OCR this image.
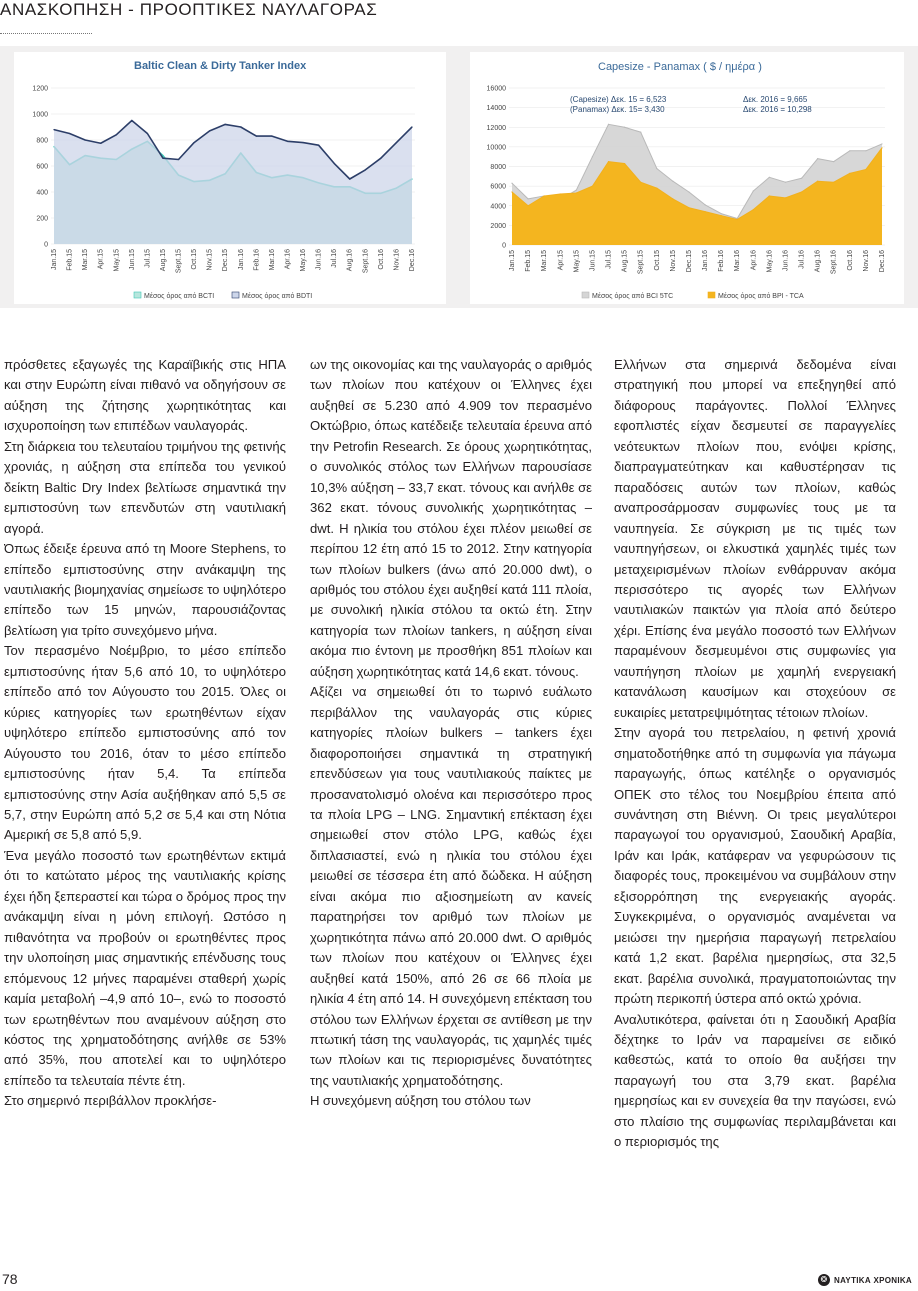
ΑΝΑΣΚΟΠΗΣΗ - ΠΡΟΟΠΤΙΚΕΣ ΝΑΥΛΑΓΟΡΑΣ
Baltic Clean & Dirty Tanker Index
0
200
400
600
800
1000
1200
Jan.15 Feb.15 Mar.15 Apr.15 May.15 Jun.15 Jul.15 Aug.15 Sept.15 Oct.15 Nov.15 Dec.15 Jan.16 Feb.16 Mar.16 Apr.16 May.16 Jun.16 Jul.16 Aug.16 Sept.16 Oct.16 Nov.16 Dec.16
Μέσος όρος από BCTI	Μέσος όρος από BDTI
Capesize - Panamax ( $ / ημέρα )
0
2000
4000
6000
8000
10000
12000
14000
16000
Jan.15 Feb.15 Mar.15 Apr.15 May.15 Jun.15 Jul.15 Aug.15 Sept.15 Oct.15 Nov.15 Dec.15 Jan.16 Feb.16 Mar.16 Apr.16 May.16 Jun.16 Jul.16 Aug.16 Sept.16 Oct.16 Nov.16 Dec.16
Μέσος όρος από BCI 5TC	Μέσος όρος από BPI - TCA
(Capesize) Δεκ. 15 = 6,523
(Panamax) Δεκ. 15= 3,430
Δεκ. 2016 = 9,665
Δεκ. 2016 = 10,298

πρόσθετες εξαγωγές της Καραϊβικής στις ΗΠΑ και στην Ευρώπη είναι πιθανό να οδηγήσουν σε αύξηση της ζήτησης χωρητικότητας και ισχυροποίηση των επιπέδων ναυλαγοράς.

Στη διάρκεια του τελευταίου τριμήνου της φετινής χρονιάς, η αύξηση στα επίπεδα του γενικού δείκτη Baltic Dry Index βελτίωσε σημαντικά την εμπιστοσύνη των επενδυτών στη ναυτιλιακή αγορά.

Όπως έδειξε έρευνα από τη Moore Stephens, το επίπεδο εμπιστοσύνης στην ανάκαμψη της ναυτιλιακής βιομηχανίας σημείωσε το υψηλότερο επίπεδο των 15 μηνών, παρουσιάζοντας βελτίωση για τρίτο συνεχόμενο μήνα.

Τον περασμένο Νοέμβριο, το μέσο επίπεδο εμπιστοσύνης ήταν 5,6 από 10, το υψηλότερο επίπεδο από τον Αύγουστο του 2015. Όλες οι κύριες κατηγορίες των ερωτηθέντων είχαν υψηλότερο επίπεδο εμπιστοσύνης από τον Αύγουστο του 2016, όταν το μέσο επίπεδο εμπιστοσύνης ήταν 5,4. Τα επίπεδα εμπιστοσύνης στην Ασία αυξήθηκαν από 5,5 σε 5,7, στην Ευρώπη από 5,2 σε 5,4 και στη Νότια Αμερική σε 5,8 από 5,9.

Ένα μεγάλο ποσοστό των ερωτηθέντων εκτιμά ότι το κατώτατο μέρος της ναυτιλιακής κρίσης έχει ήδη ξεπεραστεί και τώρα ο δρόμος προς την ανάκαμψη είναι η μόνη επιλογή. Ωστόσο η πιθανότητα να προβούν οι ερωτηθέντες προς την υλοποίηση μιας σημαντικής επένδυσης τους επόμενους 12 μήνες παραμένει σταθερή χωρίς καμία μεταβολή –4,9 από 10–, ενώ το ποσοστό των ερωτηθέντων που αναμένουν αύξηση στο κόστος της χρηματοδότησης ανήλθε σε 53% από 35%, που αποτελεί και το υψηλότερο επίπεδο τα τελευταία πέντε έτη.

Στο σημερινό περιβάλλον προκλήσε-

ων της οικονομίας και της ναυλαγοράς ο αριθμός των πλοίων που κατέχουν οι Έλληνες έχει αυξηθεί σε 5.230 από 4.909 τον περασμένο Οκτώβριο, όπως κατέδειξε τελευταία έρευνα από την Petrofin Research. Σε όρους χωρητικότητας, ο συνολικός στόλος των Ελλήνων παρουσίασε 10,3% αύξηση – 33,7 εκατ. τόνους και ανήλθε σε 362 εκατ. τόνους συνολικής χωρητικότητας – dwt. Η ηλικία του στόλου έχει πλέον μειωθεί σε περίπου 12 έτη από 15 το 2012. Στην κατηγορία των πλοίων bulkers (άνω από 20.000 dwt), ο αριθμός του στόλου έχει αυξηθεί κατά 111 πλοία, με συνολική ηλικία στόλου τα οκτώ έτη. Στην κατηγορία των πλοίων tankers, η αύξηση είναι ακόμα πιο έντονη με προσθήκη 851 πλοίων και αύξηση χωρητικότητας κατά 14,6 εκατ. τόνους.

Αξίζει να σημειωθεί ότι το τωρινό ευάλωτο περιβάλλον της ναυλαγοράς στις κύριες κατηγορίες πλοίων bulkers – tankers έχει διαφοροποιήσει σημαντικά τη στρατηγική επενδύσεων για τους ναυτιλιακούς παίκτες με προσανατολισμό ολοένα και περισσότερο προς τα πλοία LPG – LNG. Σημαντική επέκταση έχει σημειωθεί στον στόλο LPG, καθώς έχει διπλασιαστεί, ενώ η ηλικία του στόλου έχει μειωθεί σε τέσσερα έτη από δώδεκα. Η αύξηση είναι ακόμα πιο αξιοσημείωτη αν κανείς παρατηρήσει τον αριθμό των πλοίων με χωρητικότητα πάνω από 20.000 dwt. Ο αριθμός των πλοίων που κατέχουν οι Έλληνες έχει αυξηθεί κατά 150%, από 26 σε 66 πλοία με ηλικία 4 έτη από 14. Η συνεχόμενη επέκταση του στόλου των Ελλήνων έρχεται σε αντίθεση με την πτωτική τάση της ναυλαγοράς, τις χαμηλές τιμές των πλοίων και τις περιορισμένες δυνατότητες της ναυτιλιακής χρηματοδότησης.

Η συνεχόμενη αύξηση του στόλου των

Ελλήνων στα σημερινά δεδομένα είναι στρατηγική που μπορεί να επεξηγηθεί από διάφορους παράγοντες. Πολλοί Έλληνες εφοπλιστές είχαν δεσμευτεί σε παραγγελίες νεότευκτων πλοίων που, ενόψει κρίσης, διαπραγματεύτηκαν και καθυστέρησαν τις παραδόσεις αυτών των πλοίων, καθώς αναπροσάρμοσαν συμφωνίες τους με τα ναυπηγεία. Σε σύγκριση με τις τιμές των ναυπηγήσεων, οι ελκυστικά χαμηλές τιμές των μεταχειρισμένων πλοίων ενθάρρυναν ακόμα περισσότερο τις αγορές των Ελλήνων ναυτιλιακών παικτών για πλοία από δεύτερο χέρι. Επίσης ένα μεγάλο ποσοστό των Ελλήνων παραμένουν δεσμευμένοι στις συμφωνίες για ναυπήγηση πλοίων με χαμηλή ενεργειακή κατανάλωση καυσίμων και στοχεύουν σε ευκαιρίες μετατρεψιμότητας τέτοιων πλοίων.

Στην αγορά του πετρελαίου, η φετινή χρονιά σηματοδοτήθηκε από τη συμφωνία για πάγωμα παραγωγής, όπως κατέληξε ο οργανισμός ΟΠΕΚ στο τέλος του Νοεμβρίου έπειτα από συνάντηση στη Βιέννη. Οι τρεις μεγαλύτεροι παραγωγοί του οργανισμού, Σαουδική Αραβία, Ιράν και Ιράκ, κατάφεραν να γεφυρώσουν τις διαφορές τους, προκειμένου να συμβάλουν στην εξισορρόπηση της ενεργειακής αγοράς. Συγκεκριμένα, ο οργανισμός αναμένεται να μειώσει την ημερήσια παραγωγή πετρελαίου κατά 1,2 εκατ. βαρέλια ημερησίως, στα 32,5 εκατ. βαρέλια συνολικά, πραγματοποιώντας την πρώτη περικοπή ύστερα από οκτώ χρόνια.

Αναλυτικότερα, φαίνεται ότι η Σαουδική Αραβία δέχτηκε το Ιράν να παραμείνει σε ειδικό καθεστώς, κατά το οποίο θα αυξήσει την παραγωγή του στα 3,79 εκατ. βαρέλια ημερησίως και εν συνεχεία θα την παγώσει, ενώ στο πλαίσιο της συμφωνίας περιλαμβάνεται και ο περιορισμός της

78	❂ ΝΑΥΤΙΚΑ ΧΡΟΝΙΚΑ
